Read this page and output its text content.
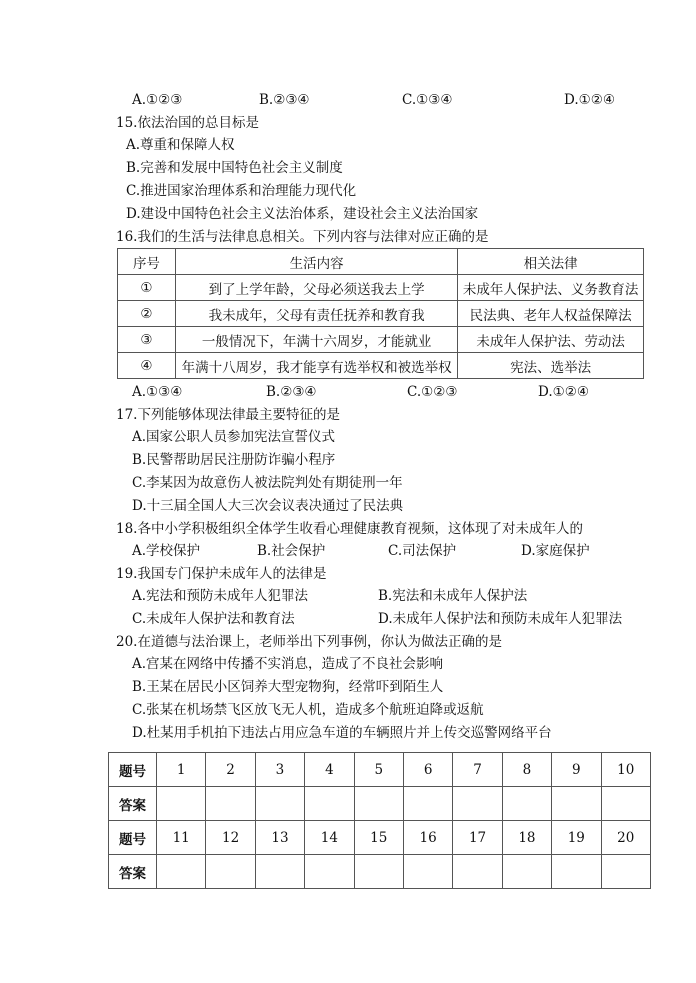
A.①②③	B.②③④	C.①③④	D.①②④
15.依法治国的总目标是
A.尊重和保障人权
B.完善和发展中国特色社会主义制度
C.推进国家治理体系和治理能力现代化
D.建设中国特色社会主义法治体系，建设社会主义法治国家
16.我们的生活与法律息息相关。下列内容与法律对应正确的是
序号	生活内容	相关法律
①	到了上学年龄，父母必须送我去上学	未成年人保护法、义务教育法
②	我未成年，父母有责任抚养和教育我	民法典、老年人权益保障法
③	一般情况下，年满十六周岁，才能就业	未成年人保护法、劳动法
④	年满十八周岁，我才能享有选举权和被选举权	宪法、选举法
A.①③④	B.②③④	C.①②③	D.①②④
17.下列能够体现法律最主要特征的是
A.国家公职人员参加宪法宣誓仪式
B.民警帮助居民注册防诈骗小程序
C.李某因为故意伤人被法院判处有期徒刑一年
D.十三届全国人大三次会议表决通过了民法典
18.各中小学积极组织全体学生收看心理健康教育视频，这体现了对未成年人的
A.学校保护	B.社会保护	C.司法保护	D.家庭保护
19.我国专门保护未成年人的法律是
A.宪法和预防未成年人犯罪法	B.宪法和未成年人保护法
C.未成年人保护法和教育法	D.未成年人保护法和预防未成年人犯罪法
20.在道德与法治课上，老师举出下列事例，你认为做法正确的是
A.宫某在网络中传播不实消息，造成了不良社会影响
B.王某在居民小区饲养大型宠物狗，经常吓到陌生人
C.张某在机场禁飞区放飞无人机，造成多个航班迫降或返航
D.杜某用手机拍下违法占用应急车道的车辆照片并上传交巡警网络平台
题号	1	2	3	4	5	6	7	8	9	10
答案										
题号	11	12	13	14	15	16	17	18	19	20
答案										
